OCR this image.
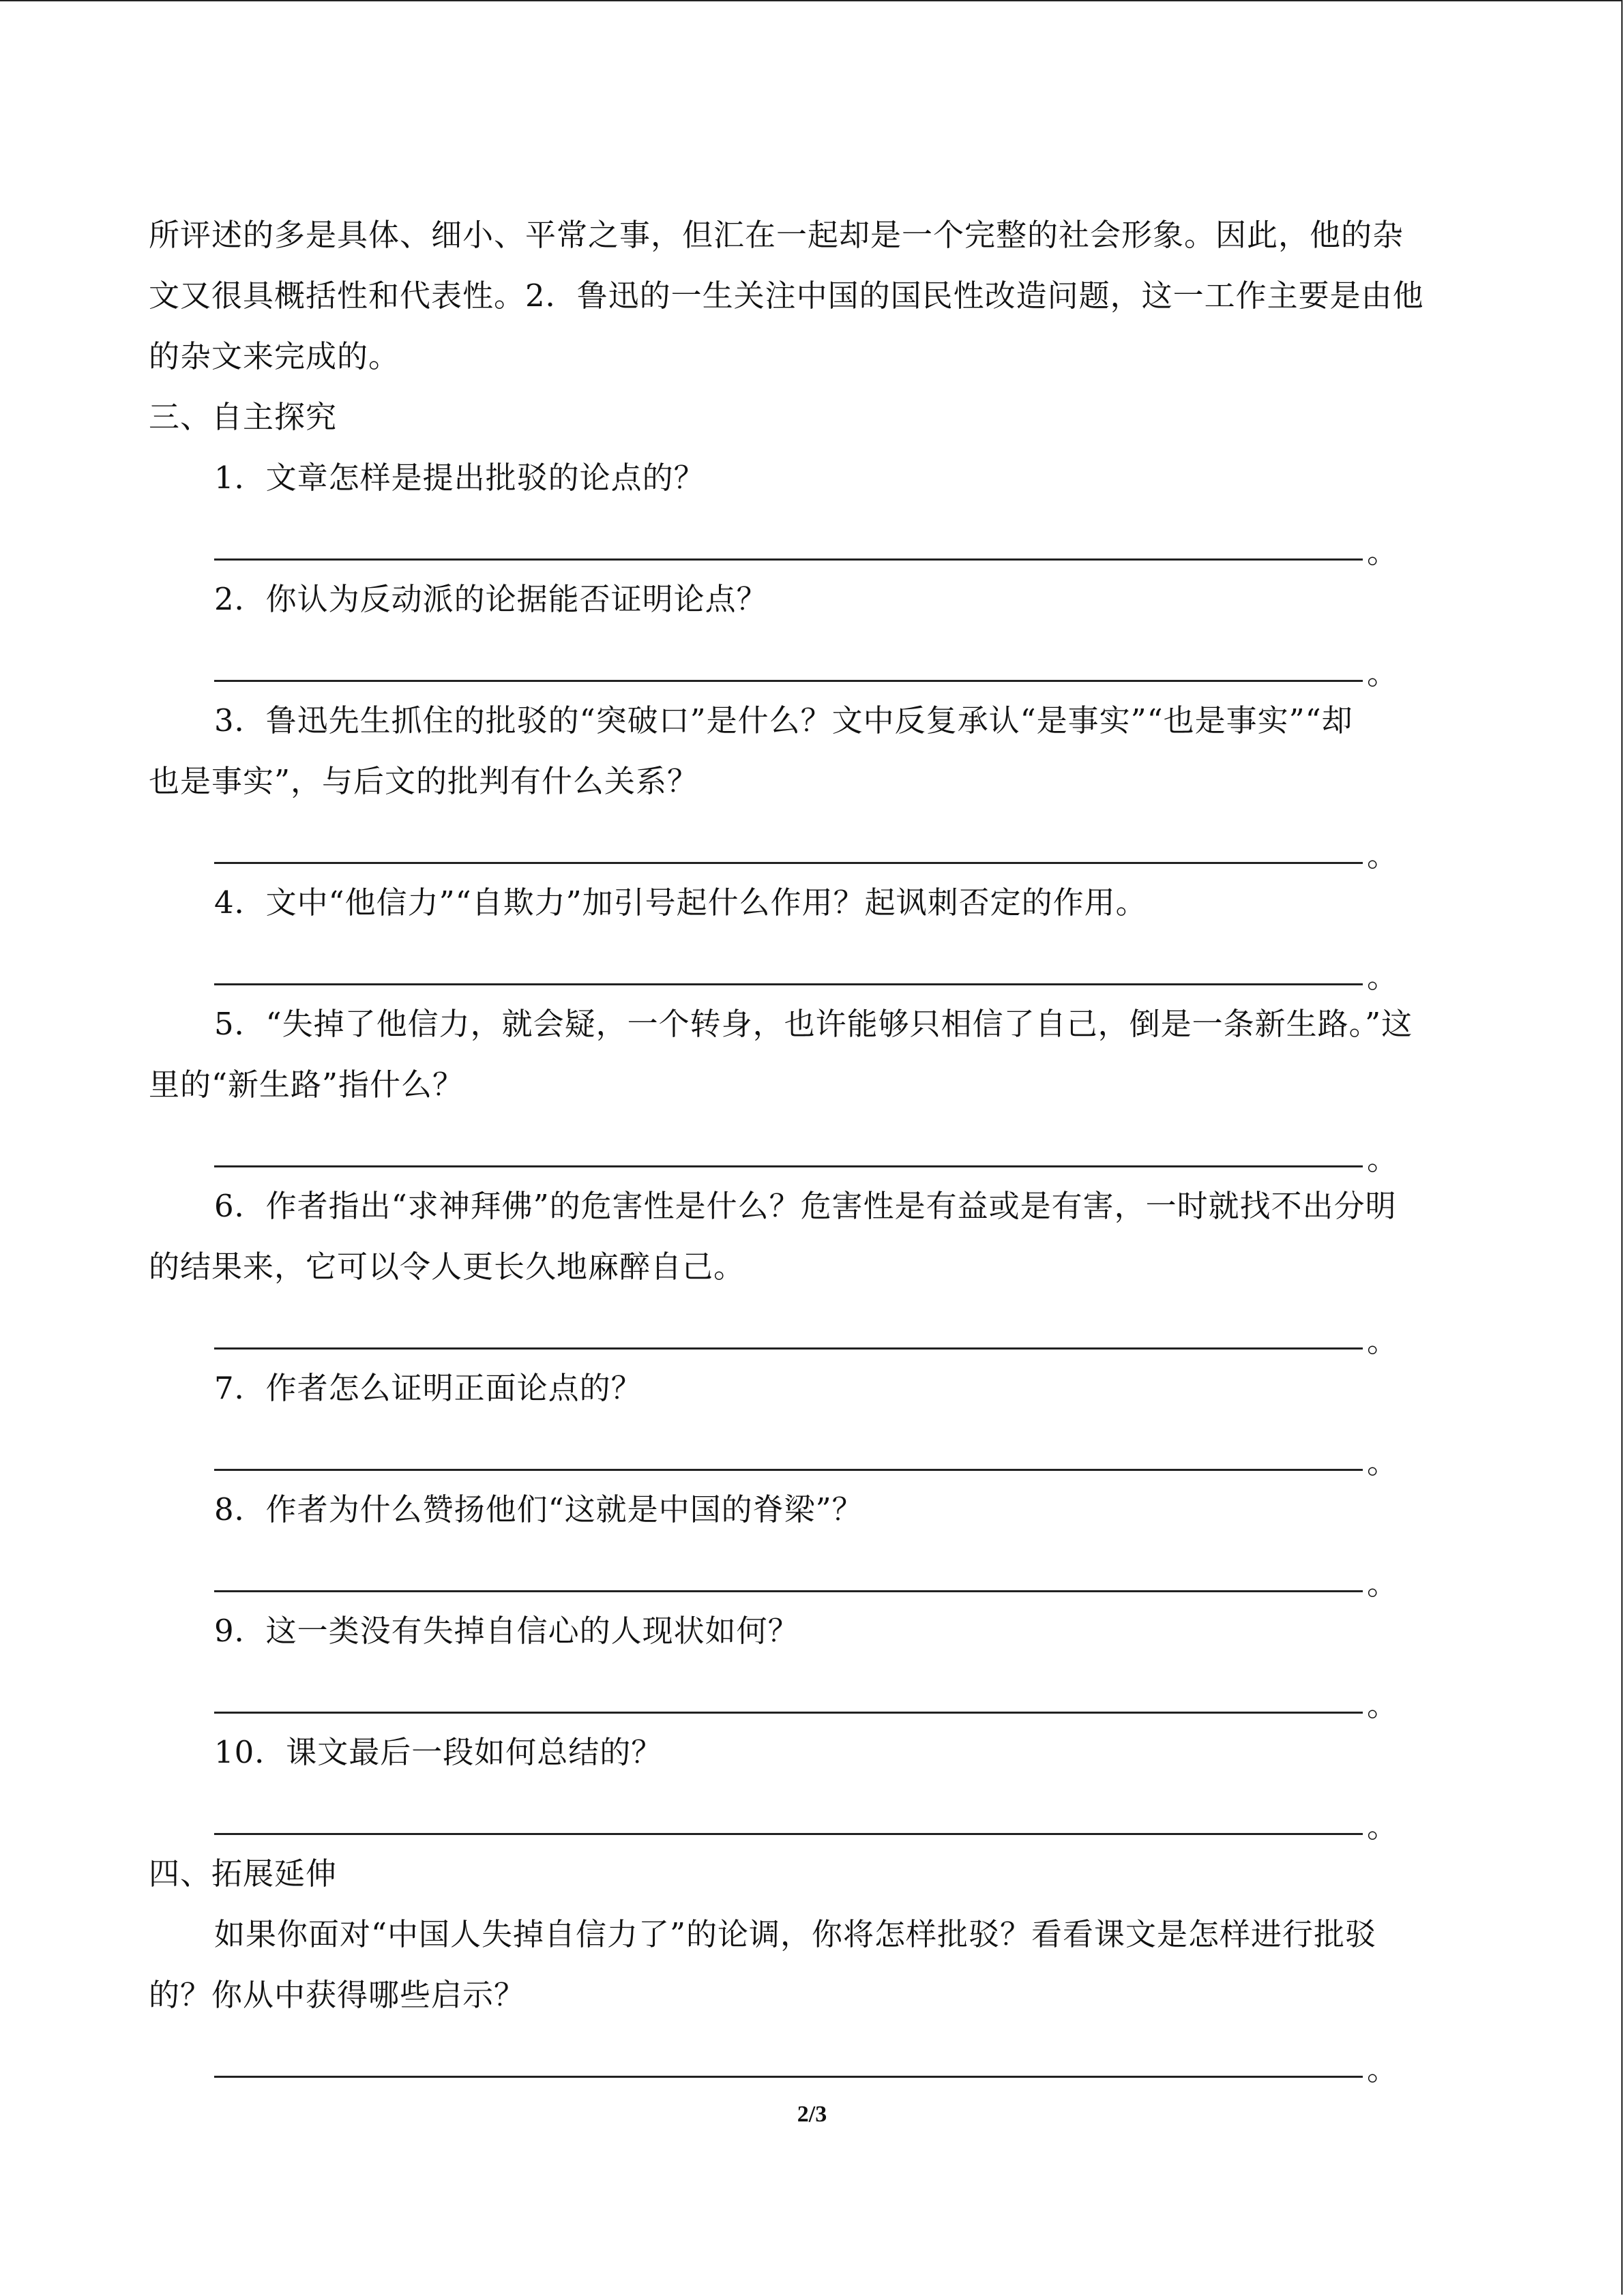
所评述的多是具体、细小、平常之事，但汇在一起却是一个完整的社会形象。因此，他的杂

文又很具概括性和代表性。2．鲁迅的一生关注中国的国民性改造问题，这一工作主要是由他

的杂文来完成的。

三、自主探究

1．文章怎样是提出批驳的论点的？

。

2．你认为反动派的论据能否证明论点？

。

3．鲁迅先生抓住的批驳的“突破口”是什么？文中反复承认“是事实”“也是事实”“却

也是事实”，与后文的批判有什么关系？

。

4．文中“他信力”“自欺力”加引号起什么作用？起讽刺否定的作用。

。

5．“失掉了他信力，就会疑，一个转身，也许能够只相信了自己，倒是一条新生路。”这

里的“新生路”指什么？

。

6．作者指出“求神拜佛”的危害性是什么？危害性是有益或是有害，一时就找不出分明

的结果来，它可以令人更长久地麻醉自己。

。

7．作者怎么证明正面论点的？

。

8．作者为什么赞扬他们“这就是中国的脊梁”？

。

9．这一类没有失掉自信心的人现状如何？

。

10．课文最后一段如何总结的？

。

四、拓展延伸

如果你面对“中国人失掉自信力了”的论调，你将怎样批驳？看看课文是怎样进行批驳

的？你从中获得哪些启示？

。
2/3
